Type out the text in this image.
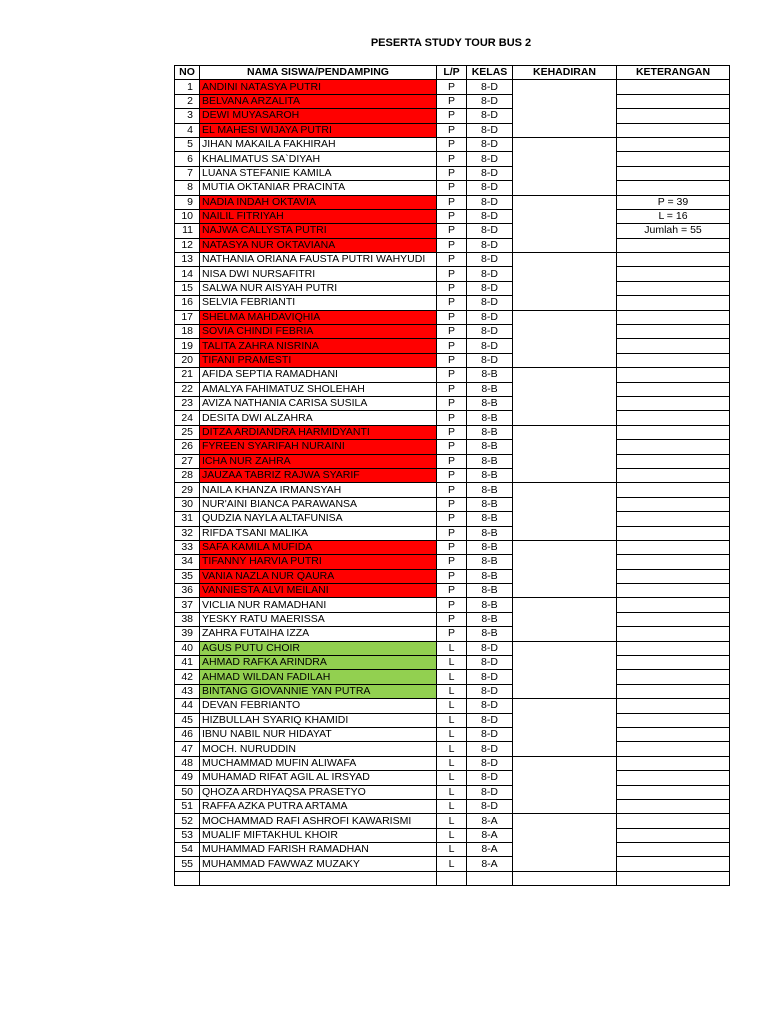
PESERTA STUDY TOUR BUS 2
NO	NAMA SISWA/PENDAMPING	L/P	KELAS	KEHADIRAN	KETERANGAN
1	ANDINI NATASYA PUTRI	P	8-D		
2	BELVANA ARZALITA	P	8-D		
3	DEWI MUYASAROH	P	8-D		
4	EL MAHESI WIJAYA PUTRI	P	8-D		
5	JIHAN MAKAILA FAKHIRAH	P	8-D		
6	KHALIMATUS SA`DIYAH	P	8-D		
7	LUANA STEFANIE KAMILA	P	8-D		
8	MUTIA OKTANIAR PRACINTA	P	8-D		
9	NADIA INDAH OKTAVIA	P	8-D		P = 39
10	NAILIL FITRIYAH	P	8-D		L = 16
11	NAJWA CALLYSTA PUTRI	P	8-D		Jumlah = 55
12	NATASYA NUR OKTAVIANA	P	8-D		
13	NATHANIA ORIANA FAUSTA PUTRI WAHYUDI	P	8-D		
14	NISA DWI NURSAFITRI	P	8-D		
15	SALWA NUR AISYAH PUTRI	P	8-D		
16	SELVIA FEBRIANTI	P	8-D		
17	SHELMA MAHDAVIQHIA	P	8-D		
18	SOVIA CHINDI FEBRIA	P	8-D		
19	TALITA ZAHRA NISRINA	P	8-D		
20	TIFANI PRAMESTI	P	8-D		
21	AFIDA SEPTIA RAMADHANI	P	8-B		
22	AMALYA FAHIMATUZ SHOLEHAH	P	8-B		
23	AVIZA NATHANIA CARISA SUSILA	P	8-B		
24	DESITA DWI ALZAHRA	P	8-B		
25	DITZA ARDIANDRA HARMIDYANTI	P	8-B		
26	FYREEN SYARIFAH NURAINI	P	8-B		
27	ICHA NUR ZAHRA	P	8-B		
28	JAUZAA TABRIZ RAJWA SYARIF	P	8-B		
29	NAILA KHANZA IRMANSYAH	P	8-B		
30	NUR'AINI BIANCA PARAWANSA	P	8-B		
31	QUDZIA NAYLA ALTAFUNISA	P	8-B		
32	RIFDA TSANI MALIKA	P	8-B		
33	SAFA KAMILA MUFIDA	P	8-B		
34	TIFANNY HARVIA PUTRI	P	8-B		
35	VANIA NAZLA NUR QAURA	P	8-B		
36	VANNIESTA ALVI MEILANI	P	8-B		
37	VICLIA NUR RAMADHANI	P	8-B		
38	YESKY RATU MAERISSA	P	8-B		
39	ZAHRA FUTAIHA IZZA	P	8-B		
40	AGUS PUTU CHOIR	L	8-D		
41	AHMAD RAFKA ARINDRA	L	8-D		
42	AHMAD WILDAN FADILAH	L	8-D		
43	BINTANG GIOVANNIE YAN PUTRA	L	8-D		
44	DEVAN FEBRIANTO	L	8-D		
45	HIZBULLAH SYARIQ KHAMIDI	L	8-D		
46	IBNU NABIL NUR HIDAYAT	L	8-D		
47	MOCH. NURUDDIN	L	8-D		
48	MUCHAMMAD MUFIN ALIWAFA	L	8-D		
49	MUHAMAD RIFAT AGIL AL IRSYAD	L	8-D		
50	QHOZA ARDHYAQSA PRASETYO	L	8-D		
51	RAFFA AZKA PUTRA ARTAMA	L	8-D		
52	MOCHAMMAD RAFI ASHROFI KAWARISMI	L	8-A		
53	MUALIF MIFTAKHUL KHOIR	L	8-A		
54	MUHAMMAD FARISH RAMADHAN	L	8-A		
55	MUHAMMAD FAWWAZ MUZAKY	L	8-A		
